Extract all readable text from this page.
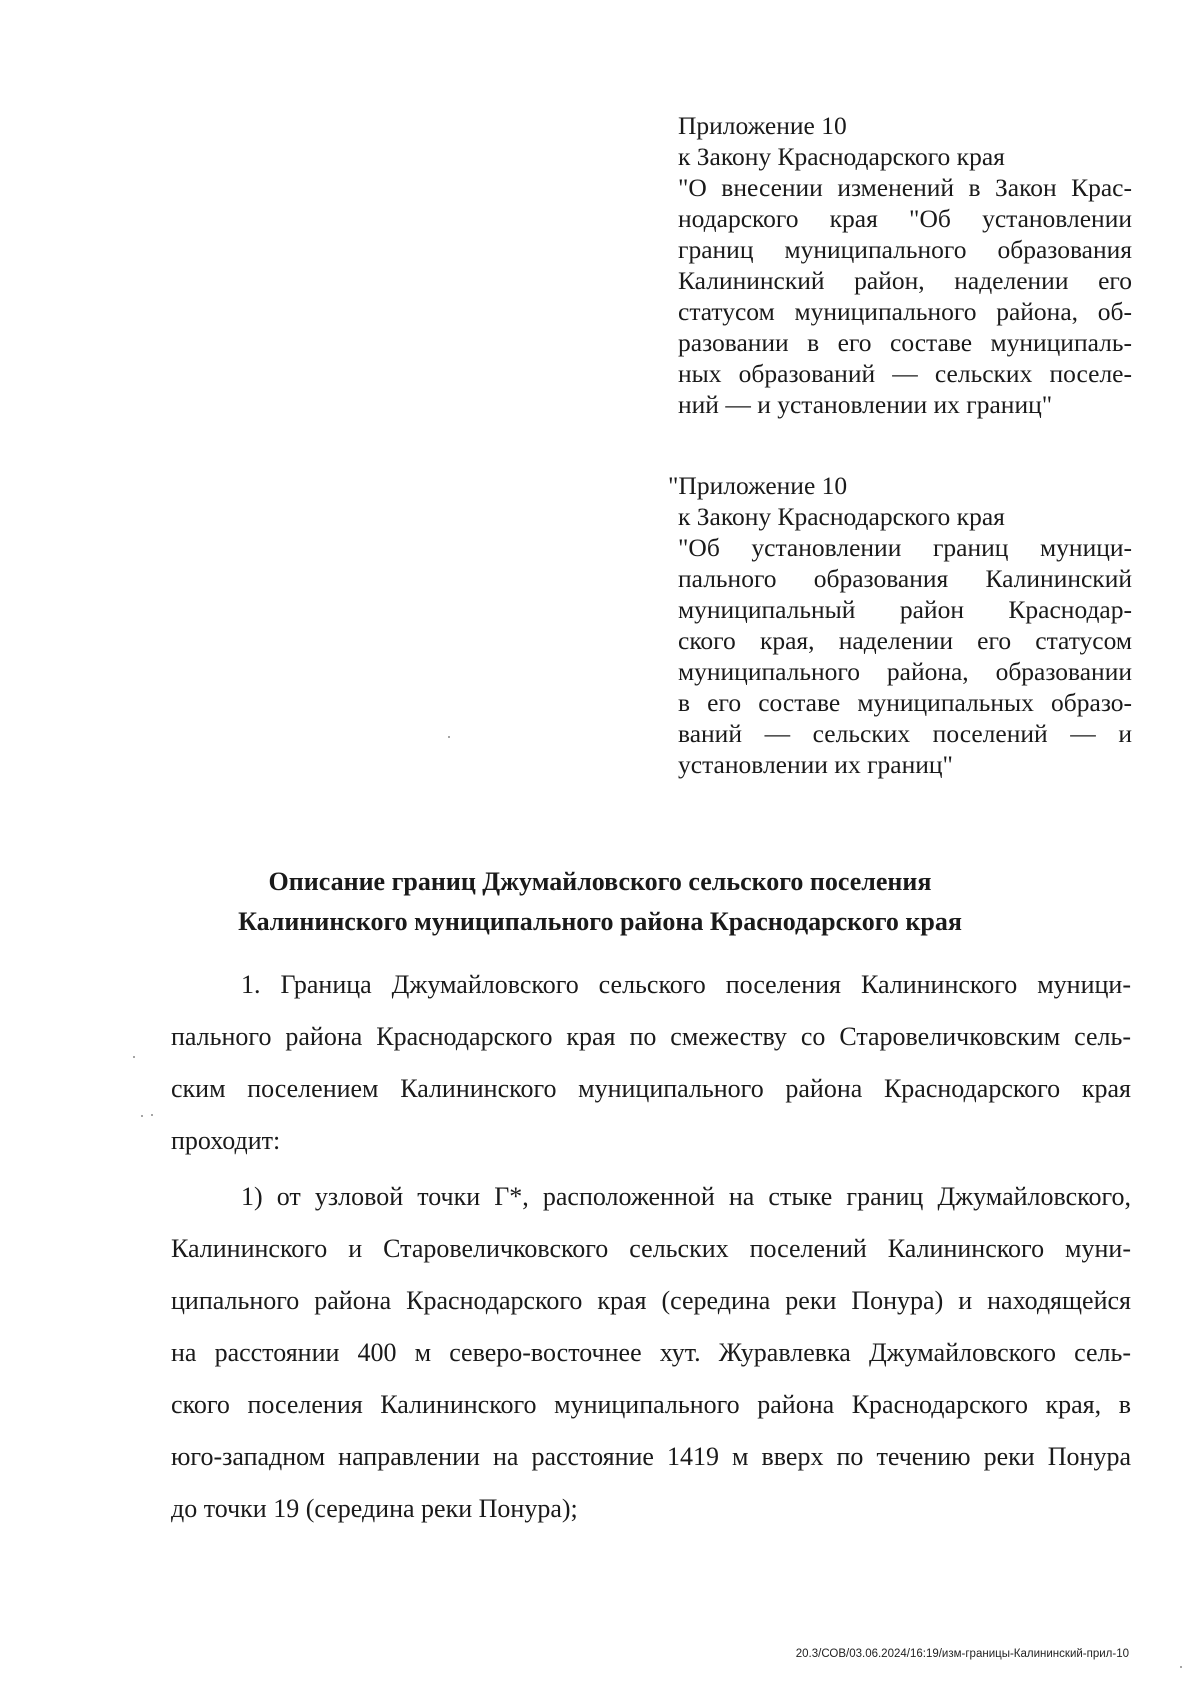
Приложение 10
к Закону Краснодарского края
"О внесении изменений в Закон Крас-
нодарского края "Об установлении
границ муниципального образования
Калининский район, наделении его
статусом муниципального района, об-
разовании в его составе муниципаль-
ных образований — сельских поселе-
ний — и установлении их границ"
"Приложение 10
к Закону Краснодарского края
"Об установлении границ муници-
пального образования Калининский
муниципальный район Краснодар-
ского края, наделении его статусом
муниципального района, образовании
в его составе муниципальных образо-
ваний — сельских поселений — и
установлении их границ"
Описание границ Джумайловского сельского поселения
Калининского муниципального района Краснодарского края
1. Граница Джумайловского сельского поселения Калининского муници-
пального района Краснодарского края по смежеству со Старовеличковским сель-
ским поселением Калининского муниципального района Краснодарского края
проходит:
1) от узловой точки Г*, расположенной на стыке границ Джумайловского,
Калининского и Старовеличковского сельских поселений Калининского муни-
ципального района Краснодарского края (середина реки Понура) и находящейся
на расстоянии 400 м северо-восточнее хут. Журавлевка Джумайловского сель-
ского поселения Калининского муниципального района Краснодарского края, в
юго-западном направлении на расстояние 1419 м вверх по течению реки Понура
до точки 19 (середина реки Понура);
20.3/СОВ/03.06.2024/16:19/изм-границы-Калининский-прил-10
